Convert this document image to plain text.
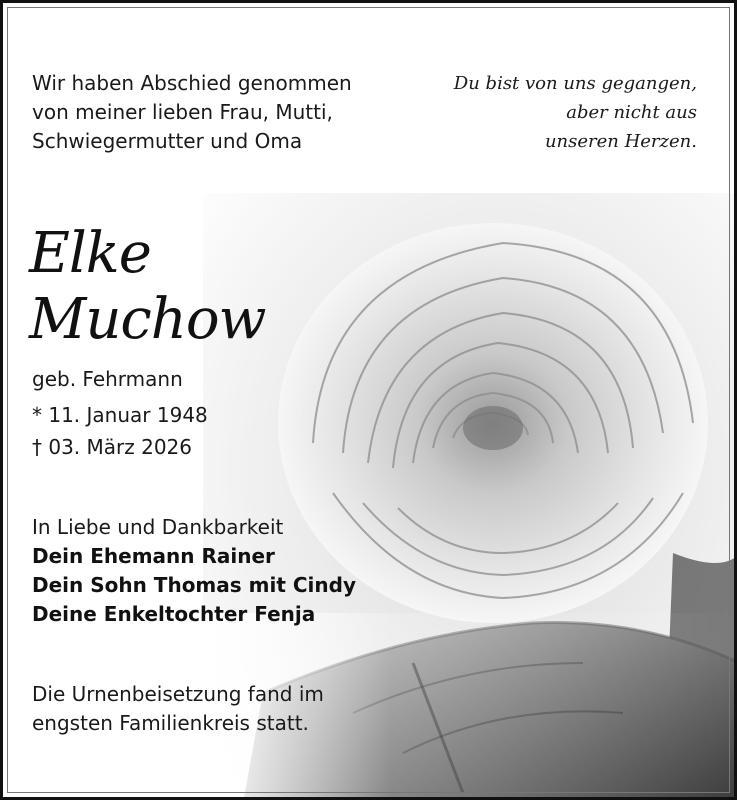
Wir haben Abschied genommen
von meiner lieben Frau, Mutti,
Schwiegermutter und Oma
Du bist von uns gegangen,
aber nicht aus
unseren Herzen.
Elke
Muchow
geb. Fehrmann
* 11. Januar 1948
† 03. März 2026
In Liebe und Dankbarkeit
Dein Ehemann Rainer
Dein Sohn Thomas mit Cindy
Deine Enkeltochter Fenja
Die Urnenbeisetzung fand im
engsten Familienkreis statt.
